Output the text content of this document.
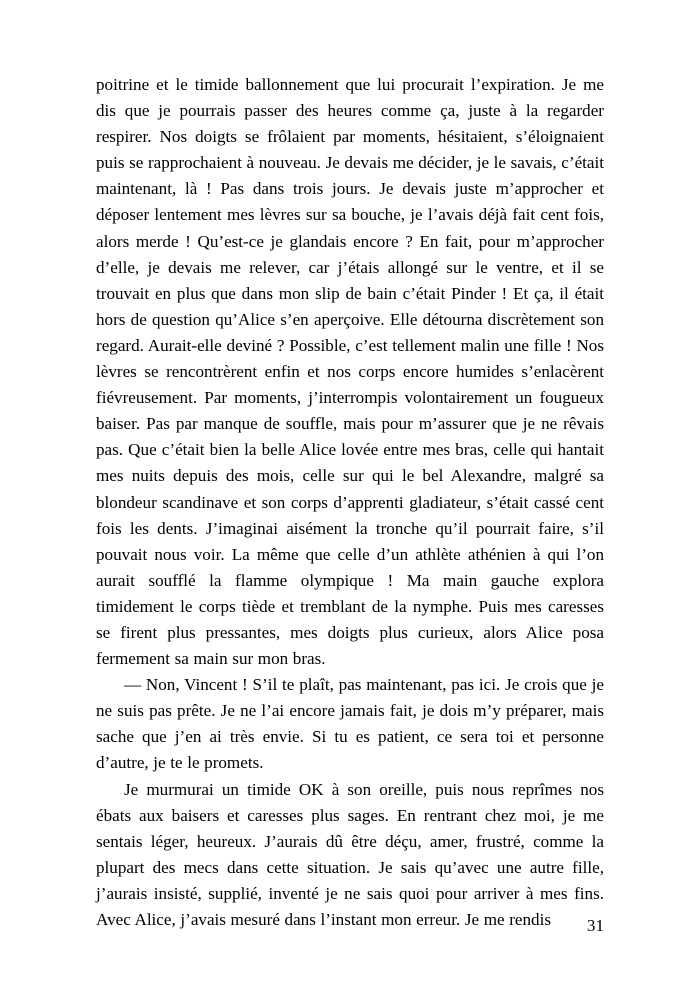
poitrine et le timide ballonnement que lui procurait l’expiration. Je me dis que je pourrais passer des heures comme ça, juste à la regarder respirer. Nos doigts se frôlaient par moments, hésitaient, s’éloignaient puis se rapprochaient à nouveau. Je devais me décider, je le savais, c’était maintenant, là ! Pas dans trois jours. Je devais juste m’approcher et déposer lentement mes lèvres sur sa bouche, je l’avais déjà fait cent fois, alors merde ! Qu’est-ce je glandais encore ? En fait, pour m’approcher d’elle, je devais me relever, car j’étais allongé sur le ventre, et il se trouvait en plus que dans mon slip de bain c’était Pinder ! Et ça, il était hors de question qu’Alice s’en aperçoive. Elle détourna discrètement son regard. Aurait-elle deviné ? Possible, c’est tellement malin une fille ! Nos lèvres se rencontrèrent enfin et nos corps encore humides s’enlacèrent fiévreusement. Par moments, j’interrompis volontairement un fougueux baiser. Pas par manque de souffle, mais pour m’assurer que je ne rêvais pas. Que c’était bien la belle Alice lovée entre mes bras, celle qui hantait mes nuits depuis des mois, celle sur qui le bel Alexandre, malgré sa blondeur scandinave et son corps d’apprenti gladiateur, s’était cassé cent fois les dents. J’imaginai aisément la tronche qu’il pourrait faire, s’il pouvait nous voir. La même que celle d’un athlète athénien à qui l’on aurait soufflé la flamme olympique ! Ma main gauche explora timidement le corps tiède et tremblant de la nymphe. Puis mes caresses se firent plus pressantes, mes doigts plus curieux, alors Alice posa fermement sa main sur mon bras.

— Non, Vincent ! S’il te plaît, pas maintenant, pas ici. Je crois que je ne suis pas prête. Je ne l’ai encore jamais fait, je dois m’y préparer, mais sache que j’en ai très envie. Si tu es patient, ce sera toi et personne d’autre, je te le promets.

Je murmurai un timide OK à son oreille, puis nous reprîmes nos ébats aux baisers et caresses plus sages. En rentrant chez moi, je me sentais léger, heureux. J’aurais dû être déçu, amer, frustré, comme la plupart des mecs dans cette situation. Je sais qu’avec une autre fille, j’aurais insisté, supplié, inventé je ne sais quoi pour arriver à mes fins. Avec Alice, j’avais mesuré dans l’instant mon erreur. Je me rendis	31
